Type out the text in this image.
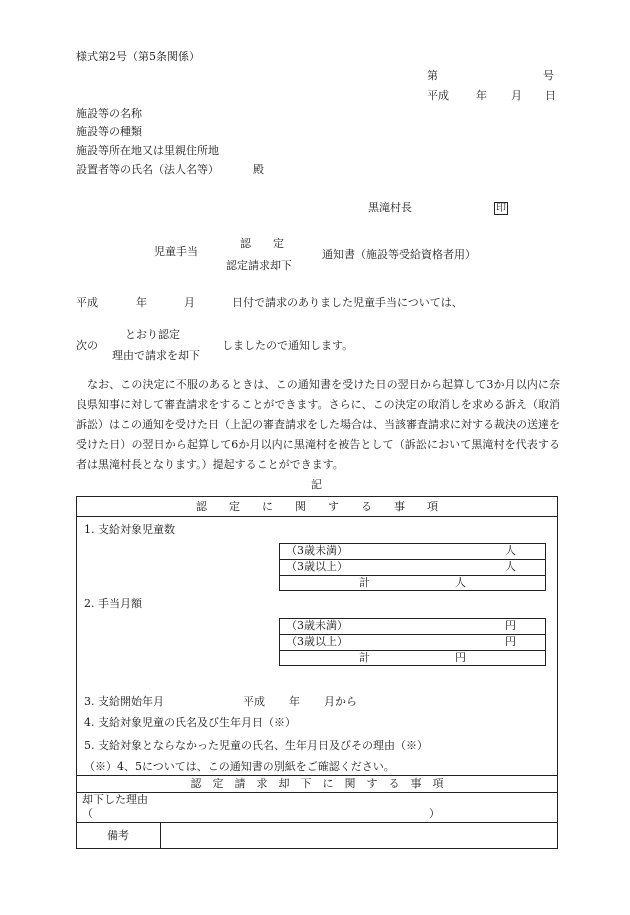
様式第2号（第5条関係）
第	号
平成 年 月 日
施設等の名称
施設等の種類
施設等所在地又は里親住所地
設置者等の氏名（法人名等）	殿
黒滝村長	印
児童手当
認　　定
認定請求却下
通知書（施設等受給資格者用）
平成	年	月	日付で請求のありました児童手当については、
次の
とおり認定
理由で請求を却下
しましたので通知します。
なお、この決定に不服のあるときは、この通知書を受けた日の翌日から起算して3か月以内に奈良県知事に対して審査請求をすることができます。さらに、この決定の取消しを求める訴え（取消訴訟）はこの通知を受けた日（上記の審査請求をした場合は、当該審査請求に対する裁決の送達を受けた日）の翌日から起算して6か月以内に黒滝村を被告として（訴訟において黒滝村を代表する者は黒滝村長となります。）提起することができます。
記
認　　定　　に　　関　　す　　る　　事　　項
1. 支給対象児童数
（3歳未満）	人
（3歳以上）	人
計	人
2. 手当月額
（3歳未満）	円
（3歳以上）	円
計	円
3. 支給開始年月	平成 年 月から
4. 支給対象児童の氏名及び生年月日（※）
5. 支給対象とならなかった児童の氏名、生年月日及びその理由（※）
（※）4、5については、この通知書の別紙をご確認ください。
認　定　請　求　却　下　に　関　す　る　事　項
却下した理由
（	）
備考
